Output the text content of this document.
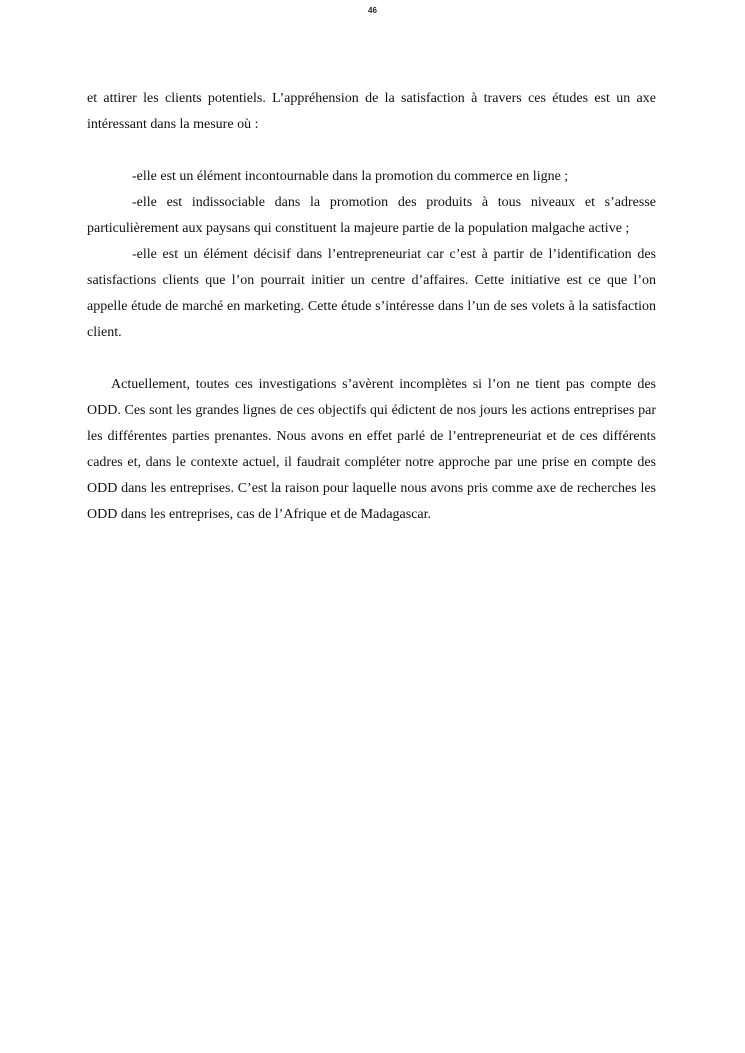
46

et attirer les clients potentiels. L’appréhension de la satisfaction à travers ces études est un axe intéressant dans la mesure où :

-elle est un élément incontournable dans la promotion du commerce en ligne ;

-elle est indissociable dans la promotion des produits à tous niveaux et s’adresse particulièrement aux paysans qui constituent la majeure partie de la population malgache active ;

-elle est un élément décisif dans l’entrepreneuriat car c’est à partir de l’identification des satisfactions clients que l’on pourrait initier un centre d’affaires. Cette initiative est ce que l’on appelle étude de marché en marketing. Cette étude s’intéresse dans l’un de ses volets à la satisfaction client.

Actuellement, toutes ces investigations s’avèrent incomplètes si l’on ne tient pas compte des ODD. Ces sont les grandes lignes de ces objectifs qui édictent de nos jours les actions entreprises par les différentes parties prenantes. Nous avons en effet parlé de l’entrepreneuriat et de ces différents cadres et, dans le contexte actuel, il faudrait compléter notre approche par une prise en compte des ODD dans les entreprises. C’est la raison pour laquelle nous avons pris comme axe de recherches les ODD dans les entreprises, cas de l’Afrique et de Madagascar.
